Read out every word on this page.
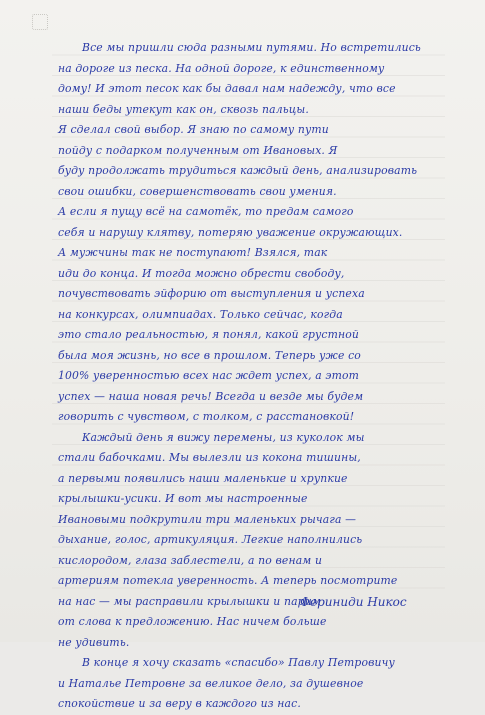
Все мы пришли сюда разными путями. Но встретились
на дороге из песка. На одной дороге, к единственному
дому! И этот песок как бы давал нам надежду, что все
наши беды утекут как он, сквозь пальцы.
Я сделал свой выбор. Я знаю по самому пути
пойду с подарком полученным от Ивановых. Я
буду продолжать трудиться каждый день, анализировать
свои ошибки, совершенствовать свои умения.
А если я пущу всё на самотёк, то предам самого
себя и нарушу клятву, потеряю уважение окружающих.
А мужчины так не поступают! Взялся, так
иди до конца. И тогда можно обрести свободу,
почувствовать эйфорию от выступления и успеха
на конкурсах, олимпиадах. Только сейчас, когда
это стало реальностью, я понял, какой грустной
была моя жизнь, но все в прошлом. Теперь уже со
100% уверенностью всех нас ждет успех, а этот
успех — наша новая речь! Всегда и везде мы будем
говорить с чувством, с толком, с расстановкой!
Каждый день я вижу перемены, из куколок мы
стали бабочками. Мы вылезли из кокона тишины,
а первыми появились наши маленькие и хрупкие
крылышки-усики. И вот мы настроенные
Ивановыми подкрутили три маленьких рычага —
дыхание, голос, артикуляция. Легкие наполнились
кислородом, глаза заблестели, а по венам и
артериям потекла уверенность. А теперь посмотрите
на нас — мы расправили крылышки и парим
от слова к предложению. Нас ничем больше
не удивить.
В конце я хочу сказать «спасибо» Павлу Петровичу
и Наталье Петровне за великое дело, за душевное
спокойствие и за веру в каждого из нас.
Фериниди Никос
